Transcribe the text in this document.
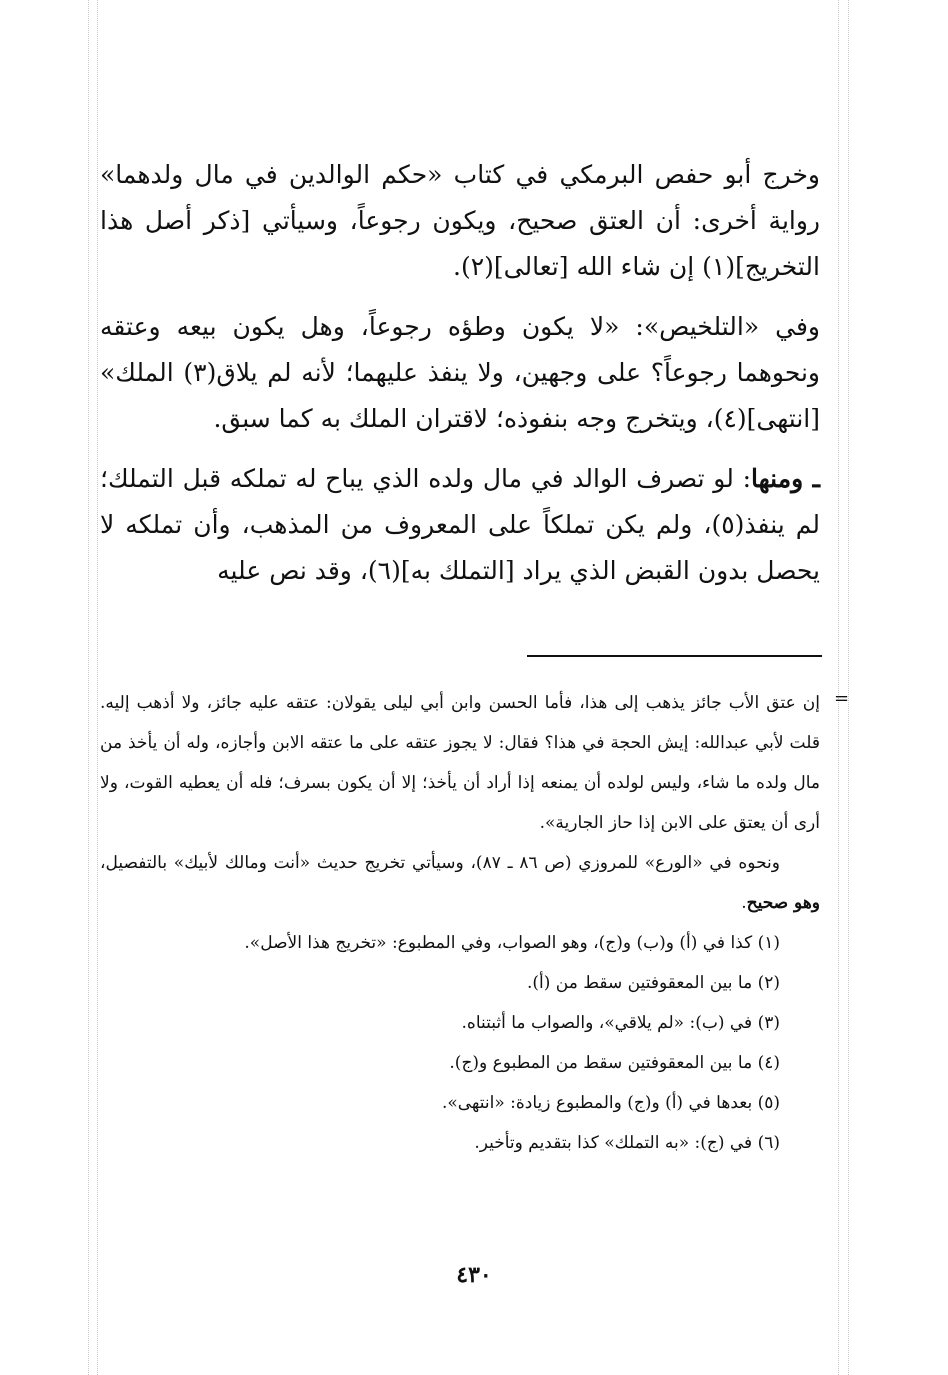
وخرج أبو حفص البرمكي في كتاب «حكم الوالدين في مال ولدهما» رواية أخرى: أن العتق صحيح، ويكون رجوعاً، وسيأتي [ذكر أصل هذا التخريج](١) إن شاء الله [تعالى](٢).

وفي «التلخيص»: «لا يكون وطؤه رجوعاً، وهل يكون بيعه وعتقه ونحوهما رجوعاً؟ على وجهين، ولا ينفذ عليهما؛ لأنه لم يلاق(٣) الملك» [انتهى](٤)، ويتخرج وجه بنفوذه؛ لاقتران الملك به كما سبق.

ـ ومنها: لو تصرف الوالد في مال ولده الذي يباح له تملكه قبل التملك؛ لم ينفذ(٥)، ولم يكن تملكاً على المعروف من المذهب، وأن تملكه لا يحصل بدون القبض الذي يراد [التملك به](٦)، وقد نص عليه

=

إن عتق الأب جائز يذهب إلى هذا، فأما الحسن وابن أبي ليلى يقولان: عتقه عليه جائز، ولا أذهب إليه. قلت لأبي عبدالله: إيش الحجة في هذا؟ فقال: لا يجوز عتقه على ما عتقه الابن وأجازه، وله أن يأخذ من مال ولده ما شاء، وليس لولده أن يمنعه إذا أراد أن يأخذ؛ إلا أن يكون بسرف؛ فله أن يعطيه القوت، ولا أرى أن يعتق على الابن إذا حاز الجارية».

ونحوه في «الورع» للمروزي (ص ٨٦ ـ ٨٧)، وسيأتي تخريج حديث «أنت ومالك لأبيك» بالتفصيل، وهو صحيح.

(١) كذا في (أ) و(ب) و(ج)، وهو الصواب، وفي المطبوع: «تخريج هذا الأصل».

(٢) ما بين المعقوفتين سقط من (أ).

(٣) في (ب): «لم يلاقي»، والصواب ما أثبتناه.

(٤) ما بين المعقوفتين سقط من المطبوع و(ج).

(٥) بعدها في (أ) و(ج) والمطبوع زيادة: «انتهى».

(٦) في (ج): «به التملك» كذا بتقديم وتأخير.

٤٣٠
